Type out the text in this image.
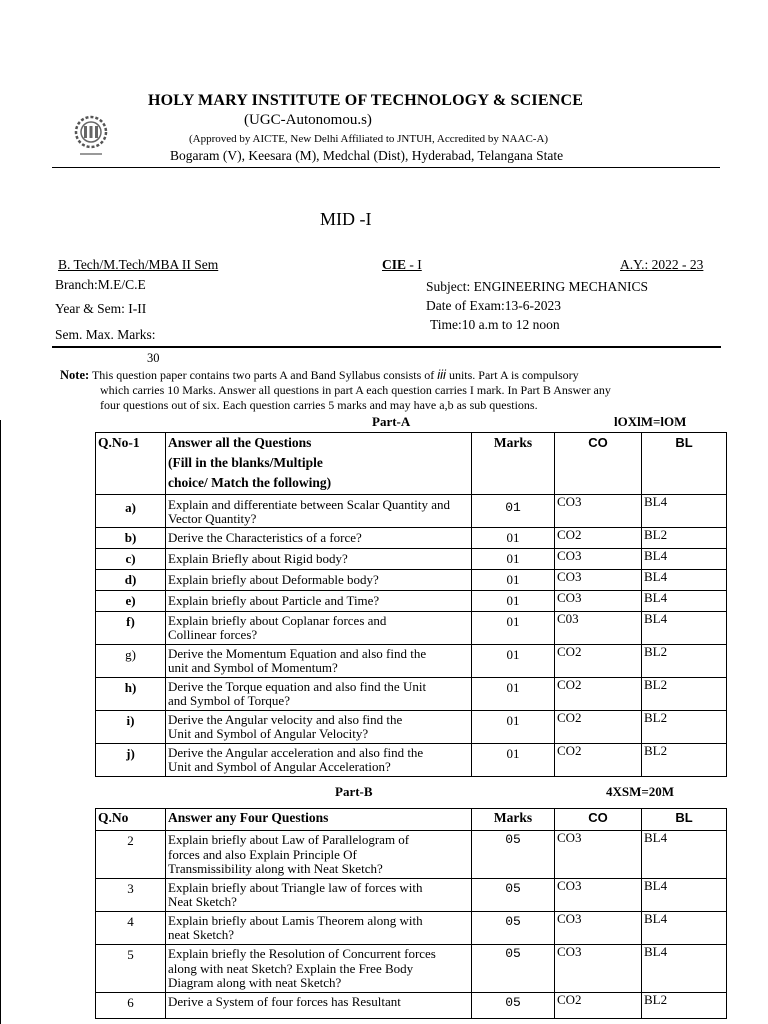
HOLY MARY INSTITUTE OF TECHNOLOGY & SCIENCE
(UGC-Autonomou.s)
(Approved by AICTE, New Delhi Affiliated to JNTUH, Accredited by NAAC-A)
Bogaram (V), Keesara (M), Medchal (Dist), Hyderabad, Telangana State
MID -I
B. Tech/M.Tech/MBA II Sem	CIE - I	A.Y.: 2022 - 23
Branch:M.E/C.E	Subject: ENGINEERING MECHANICS
Year & Sem: I-II	Date of Exam:13-6-2023
Time:10 a.m to 12 noon
Sem. Max. Marks:
30
Note: This question paper contains two parts A and Band Syllabus consists of iii units. Part A is compulsory
which carries 10 Marks. Answer all questions in part A each question carries I mark. In Part B Answer any
four questions out of six. Each question carries 5 marks and may have a,b as sub questions.
Part-A	lOXlM=lOM
Q.No-1	Answer all the Questions
(Fill in the blanks/Multiple
choice/ Match the following)	Marks	CO	BL
a)	Explain and differentiate between Scalar Quantity and
Vector Quantity?	01	CO3	BL4
b)	Derive the Characteristics of a force?	01	CO2	BL2
c)	Explain Briefly about Rigid body?	01	CO3	BL4
d)	Explain briefly about Deformable body?	01	CO3	BL4
e)	Explain briefly about Particle and Time?	01	CO3	BL4
f)	Explain briefly about Coplanar forces and
Collinear forces?	01	C03	BL4
g)	Derive the Momentum Equation and also find the
unit and Symbol of Momentum?	01	CO2	BL2
h)	Derive the Torque equation and also find the Unit
and Symbol of Torque?	01	CO2	BL2
i)	Derive the Angular velocity and also find the
Unit and Symbol of Angular Velocity?	01	CO2	BL2
j)	Derive the Angular acceleration and also find the
Unit and Symbol of Angular Acceleration?	01	CO2	BL2
Part-B	4XSM=20M
Q.No	Answer any Four Questions	Marks	CO	BL
2	Explain briefly about Law of Parallelogram of
forces and also Explain Principle Of
Transmissibility along with Neat Sketch?	05	CO3	BL4
3	Explain briefly about Triangle law of forces with
Neat Sketch?	05	CO3	BL4
4	Explain briefly about Lamis Theorem along with
neat Sketch?	05	CO3	BL4
5	Explain briefly the Resolution of Concurrent forces
along with neat Sketch? Explain the Free Body
Diagram along with neat Sketch?	05	CO3	BL4
6	Derive a System of four forces has Resultant	05	CO2	BL2
